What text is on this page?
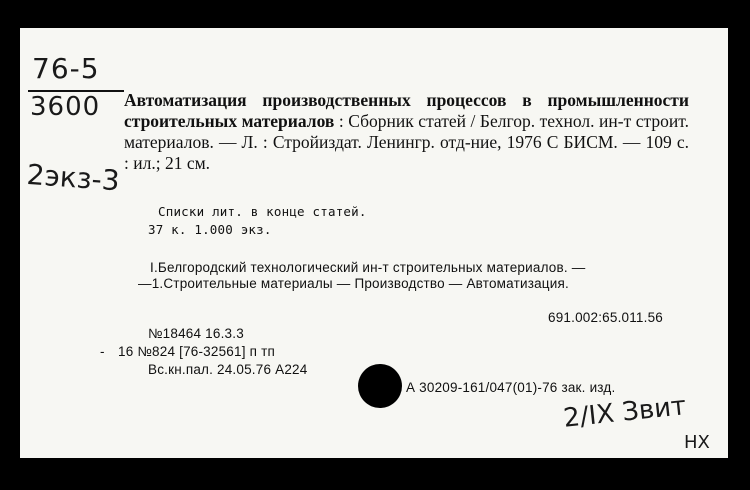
76-5
3600
2экз-3
Автоматизация производственных процессов в промышленности строительных материалов : Сборник статей / Белгор. технол. ин-т строит. материалов. — Л. : Стройиздат. Ленингр. отд-ние, 1976 С БИСМ. — 109 с. : ил.; 21 см.
Списки лит. в конце статей.
37 к. 1.000 экз.
I.Белгородский технологический ин-т строительных материалов. —
—1.Строительные материалы — Производство — Автоматизация.
691.002:65.011.56
№18464 16.3.3
- 16 №824 [76-32561] п тп
Вс.кн.пал. 24.05.76 А224
А 30209-161/047(01)-76 зак. изд.
2/IX Звит
НХ
